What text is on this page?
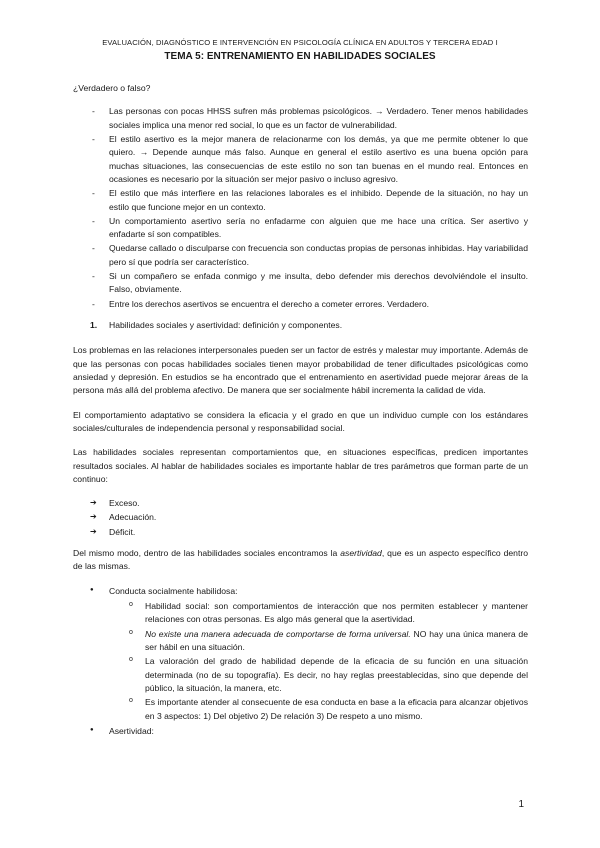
EVALUACIÓN, DIAGNÓSTICO E INTERVENCIÓN EN PSICOLOGÍA CLÍNICA EN ADULTOS Y TERCERA EDAD I
TEMA 5: ENTRENAMIENTO EN HABILIDADES SOCIALES

¿Verdadero o falso?

- Las personas con pocas HHSS sufren más problemas psicológicos. → Verdadero. Tener menos habilidades sociales implica una menor red social, lo que es un factor de vulnerabilidad.
- El estilo asertivo es la mejor manera de relacionarme con los demás, ya que me permite obtener lo que quiero. → Depende aunque más falso. Aunque en general el estilo asertivo es una buena opción para muchas situaciones, las consecuencias de este estilo no son tan buenas en el mundo real. Entonces en ocasiones es necesario por la situación ser mejor pasivo o incluso agresivo.
- El estilo que más interfiere en las relaciones laborales es el inhibido. Depende de la situación, no hay un estilo que funcione mejor en un contexto.
- Un comportamiento asertivo sería no enfadarme con alguien que me hace una crítica. Ser asertivo y enfadarte sí son compatibles.
- Quedarse callado o disculparse con frecuencia son conductas propias de personas inhibidas. Hay variabilidad pero sí que podría ser característico.
- Si un compañero se enfada conmigo y me insulta, debo defender mis derechos devolviéndole el insulto. Falso, obviamente.
- Entre los derechos asertivos se encuentra el derecho a cometer errores. Verdadero.
1. Habilidades sociales y asertividad: definición y componentes.

Los problemas en las relaciones interpersonales pueden ser un factor de estrés y malestar muy importante. Además de que las personas con pocas habilidades sociales tienen mayor probabilidad de tener dificultades psicológicas como ansiedad y depresión. En estudios se ha encontrado que el entrenamiento en asertividad puede mejorar áreas de la persona más allá del problema afectivo. De manera que ser socialmente hábil incrementa la calidad de vida.

El comportamiento adaptativo se considera la eficacia y el grado en que un individuo cumple con los estándares sociales/culturales de independencia personal y responsabilidad social.

Las habilidades sociales representan comportamientos que, en situaciones específicas, predicen importantes resultados sociales. Al hablar de habilidades sociales es importante hablar de tres parámetros que forman parte de un continuo:

➔ Exceso.
➔ Adecuación.
➔ Déficit.

Del mismo modo, dentro de las habilidades sociales encontramos la asertividad, que es un aspecto específico dentro de las mismas.

● Conducta socialmente habilidosa:
o Habilidad social: son comportamientos de interacción que nos permiten establecer y mantener relaciones con otras personas. Es algo más general que la asertividad.
o No existe una manera adecuada de comportarse de forma universal. NO hay una única manera de ser hábil en una situación.
o La valoración del grado de habilidad depende de la eficacia de su función en una situación determinada (no de su topografía). Es decir, no hay reglas preestablecidas, sino que depende del público, la situación, la manera, etc.
o Es importante atender al consecuente de esa conducta en base a la eficacia para alcanzar objetivos en 3 aspectos: 1) Del objetivo 2) De relación 3) De respeto a uno mismo.
● Asertividad:
1
